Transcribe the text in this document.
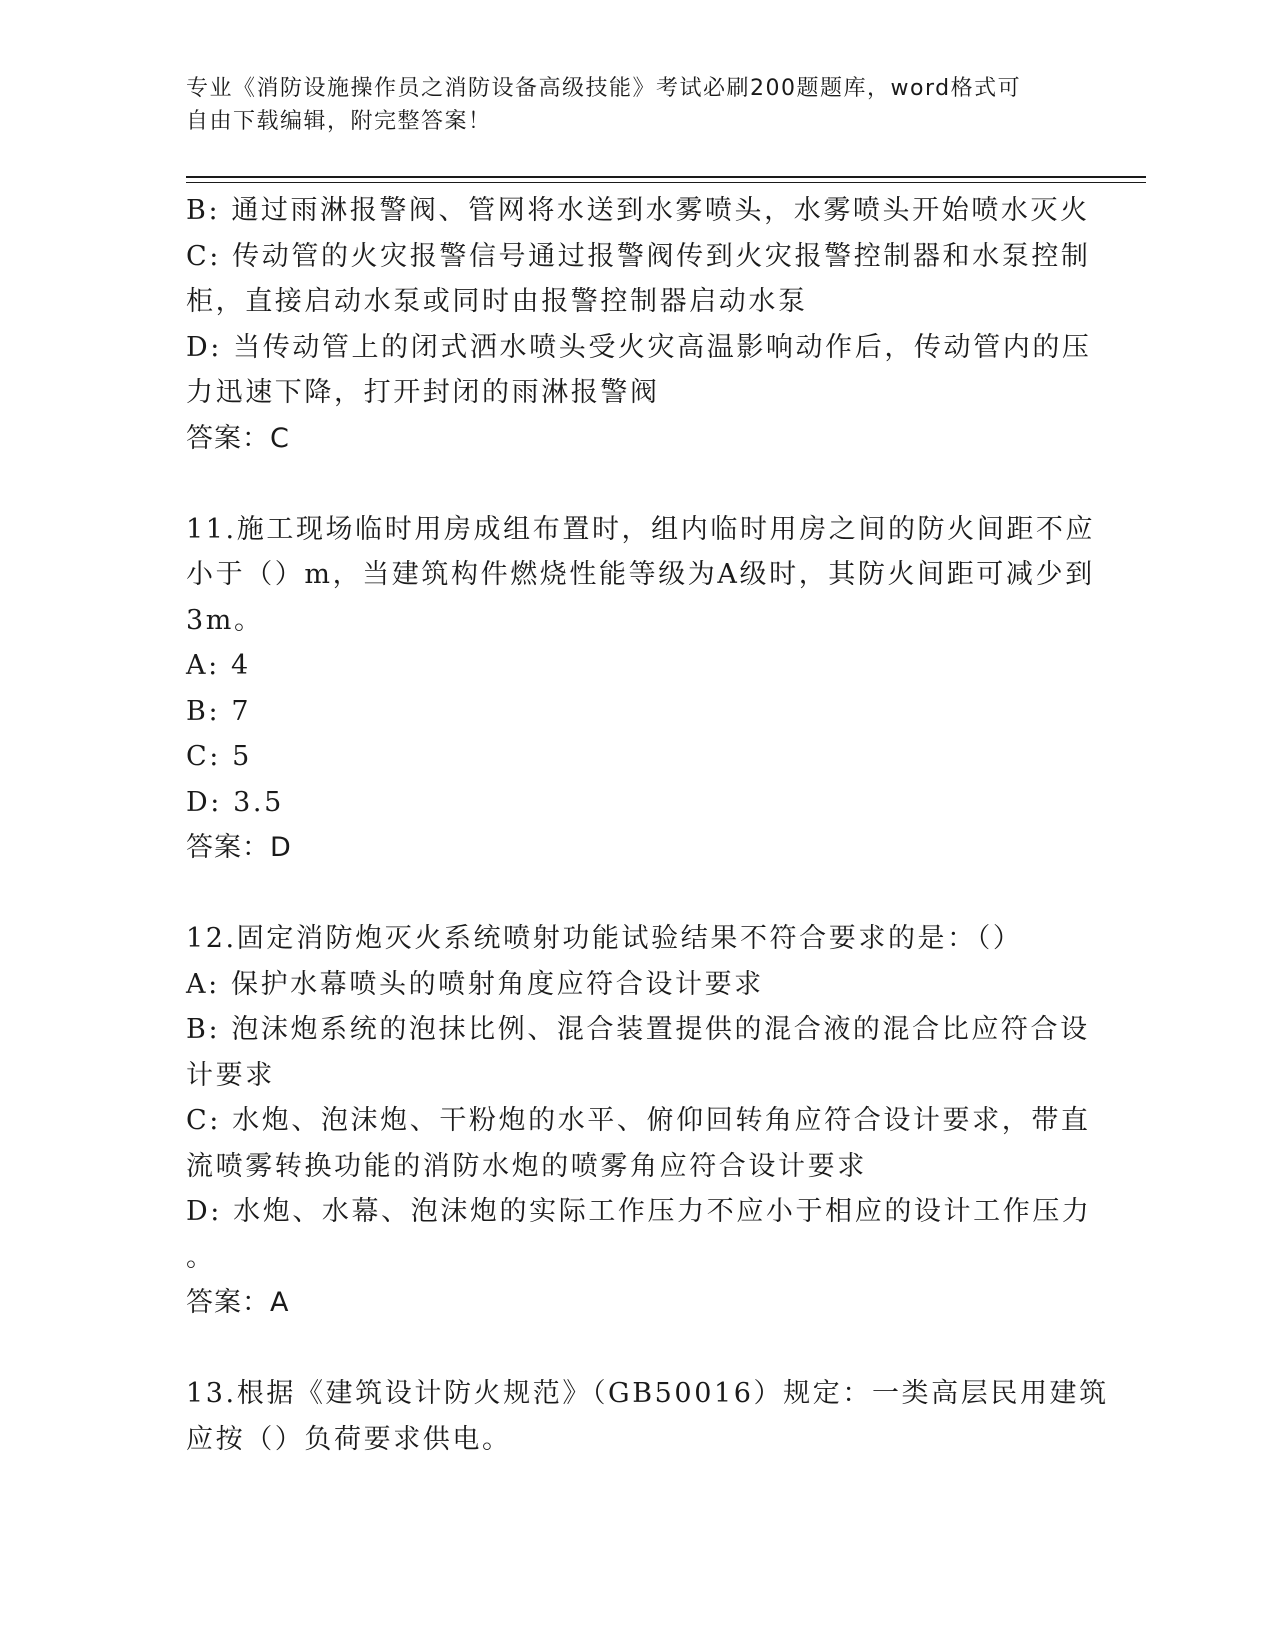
专业《消防设施操作员之消防设备高级技能》考试必刷200题题库，word格式可
自由下载编辑，附完整答案！
B: 通过雨淋报警阀、管网将水送到水雾喷头，水雾喷头开始喷水灭火
C: 传动管的火灾报警信号通过报警阀传到火灾报警控制器和水泵控制
柜，直接启动水泵或同时由报警控制器启动水泵
D: 当传动管上的闭式洒水喷头受火灾高温影响动作后，传动管内的压
力迅速下降，打开封闭的雨淋报警阀
答案：C
11.施工现场临时用房成组布置时，组内临时用房之间的防火间距不应
小于（）m，当建筑构件燃烧性能等级为A级时，其防火间距可减少到
3m。
A: 4
B: 7
C: 5
D: 3.5
答案：D
12.固定消防炮灭火系统喷射功能试验结果不符合要求的是：（）
A: 保护水幕喷头的喷射角度应符合设计要求
B: 泡沫炮系统的泡抹比例、混合装置提供的混合液的混合比应符合设
计要求
C: 水炮、泡沫炮、干粉炮的水平、俯仰回转角应符合设计要求，带直
流喷雾转换功能的消防水炮的喷雾角应符合设计要求
D: 水炮、水幕、泡沫炮的实际工作压力不应小于相应的设计工作压力
。
答案：A
13.根据《建筑设计防火规范》（GB50016）规定：一类高层民用建筑
应按（）负荷要求供电。
